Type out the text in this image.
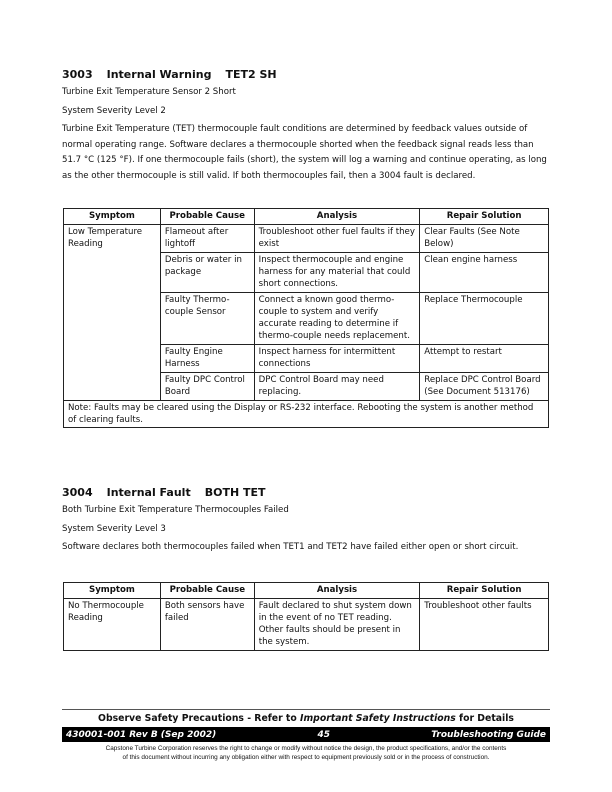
3003 Internal Warning TET2 SH

Turbine Exit Temperature Sensor 2 Short

System Severity Level 2

Turbine Exit Temperature (TET) thermocouple fault conditions are determined by feedback values outside of normal operating range. Software declares a thermocouple shorted when the feedback signal reads less than 51.7 °C (125 °F). If one thermocouple fails (short), the system will log a warning and continue operating, as long as the other thermocouple is still valid. If both thermocouples fail, then a 3004 fault is declared.

Symptom	Probable Cause	Analysis	Repair Solution
Low Temperature Reading	Flameout after lightoff	Troubleshoot other fuel faults if they exist	Clear Faults (See Note Below)
	Debris or water in package	Inspect thermocouple and engine harness for any material that could short connections.	Clean engine harness
	Faulty Thermo-couple Sensor	Connect a known good thermo-couple to system and verify accurate reading to determine if thermo-couple needs replacement.	Replace Thermocouple
	Faulty Engine Harness	Inspect harness for intermittent connections	Attempt to restart
	Faulty DPC Control Board	DPC Control Board may need replacing.	Replace DPC Control Board (See Document 513176)
Note: Faults may be cleared using the Display or RS-232 interface. Rebooting the system is another method of clearing faults.			
3004 Internal Fault BOTH TET

Both Turbine Exit Temperature Thermocouples Failed

System Severity Level 3

Software declares both thermocouples failed when TET1 and TET2 have failed either open or short circuit.

Symptom	Probable Cause	Analysis	Repair Solution
No Thermocouple Reading	Both sensors have failed	Fault declared to shut system down in the event of no TET reading. Other faults should be present in the system.	Troubleshoot other faults
Observe Safety Precautions - Refer to Important Safety Instructions for Details
430001-001 Rev B (Sep 2002)	45	Troubleshooting Guide
Capstone Turbine Corporation reserves the right to change or modify without notice the design, the product specifications, and/or the contents
of this document without incurring any obligation either with respect to equipment previously sold or in the process of construction.
